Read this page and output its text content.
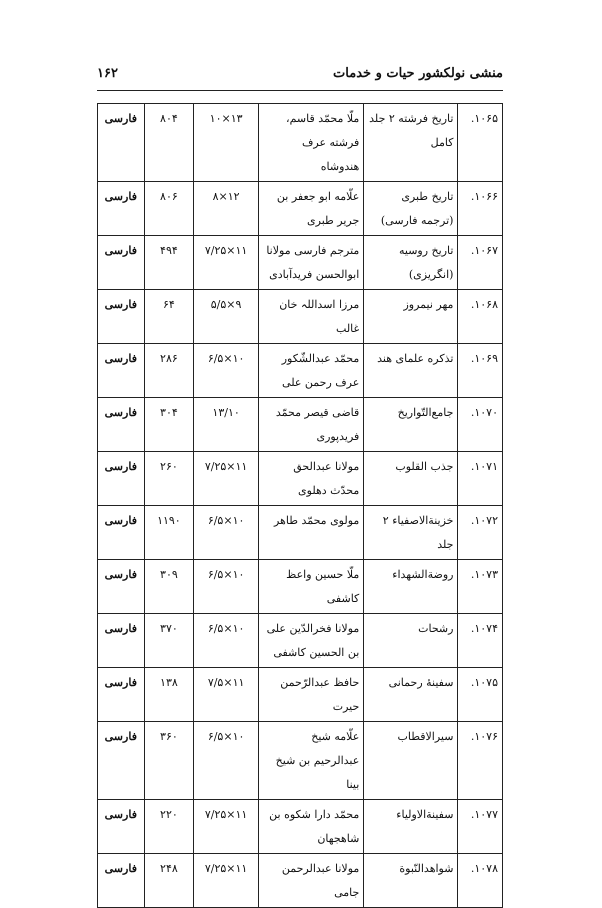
منشی نولکشور حیات و خدمات
۱۶۲
۱۰۶۵.	تاریخ فرشته ۲ جلد کامل	ملّا محمّد قاسم، فرشته عرف هندوشاه	۱۳×۱۰	۸۰۴	فارسی
۱۰۶۶.	تاریخ طبری (ترجمه فارسی)	علّامه ابو جعفر بن جریر طبری	۱۲×۸	۸۰۶	فارسی
۱۰۶۷.	تاریخ روسیه (انگریزی)	مترجم فارسی مولانا ابوالحسن فریدآبادی	۱۱×۷/۲۵	۴۹۴	فارسی
۱۰۶۸.	مهر نیمروز	مرزا اسداللہ خان غالب	۹×۵/۵	۶۴	فارسی
۱۰۶۹.	تذکره علمای هند	محمّد عبدالشّکور عرف رحمن علی	۱۰×۶/۵	۲۸۶	فارسی
۱۰۷۰.	جامع‌التّواریخ	قاضی قیصر محمّد فریدپوری	۱۳/۱۰	۳۰۴	فارسی
۱۰۷۱.	جذب القلوب	مولانا عبدالحق محدّث دهلوی	۱۱×۷/۲۵	۲۶۰	فارسی
۱۰۷۲.	خزینةالاصفیاء ۲ جلد	مولوی محمّد طاهر	۱۰×۶/۵	۱۱۹۰	فارسی
۱۰۷۳.	روضةالشهداء	ملّا حسین واعظ کاشفی	۱۰×۶/۵	۳۰۹	فارسی
۱۰۷۴.	رشحات	مولانا فخرالدّین علی بن الحسین کاشفی	۱۰×۶/۵	۳۷۰	فارسی
۱۰۷۵.	سفینهٔ رحمانی	حافظ عبدالرّحمن حیرت	۱۱×۷/۵	۱۳۸	فارسی
۱۰۷۶.	سیرالاقطاب	علّامه شیخ عبدالرحیم بن شیخ بینا	۱۰×۶/۵	۳۶۰	فارسی
۱۰۷۷.	سفینةالاولیاء	محمّد دارا شکوه بن شاهجهان	۱۱×۷/۲۵	۲۲۰	فارسی
۱۰۷۸.	شواهدالنّبوة	مولانا عبدالرحمن جامی	۱۱×۷/۲۵	۲۴۸	فارسی
